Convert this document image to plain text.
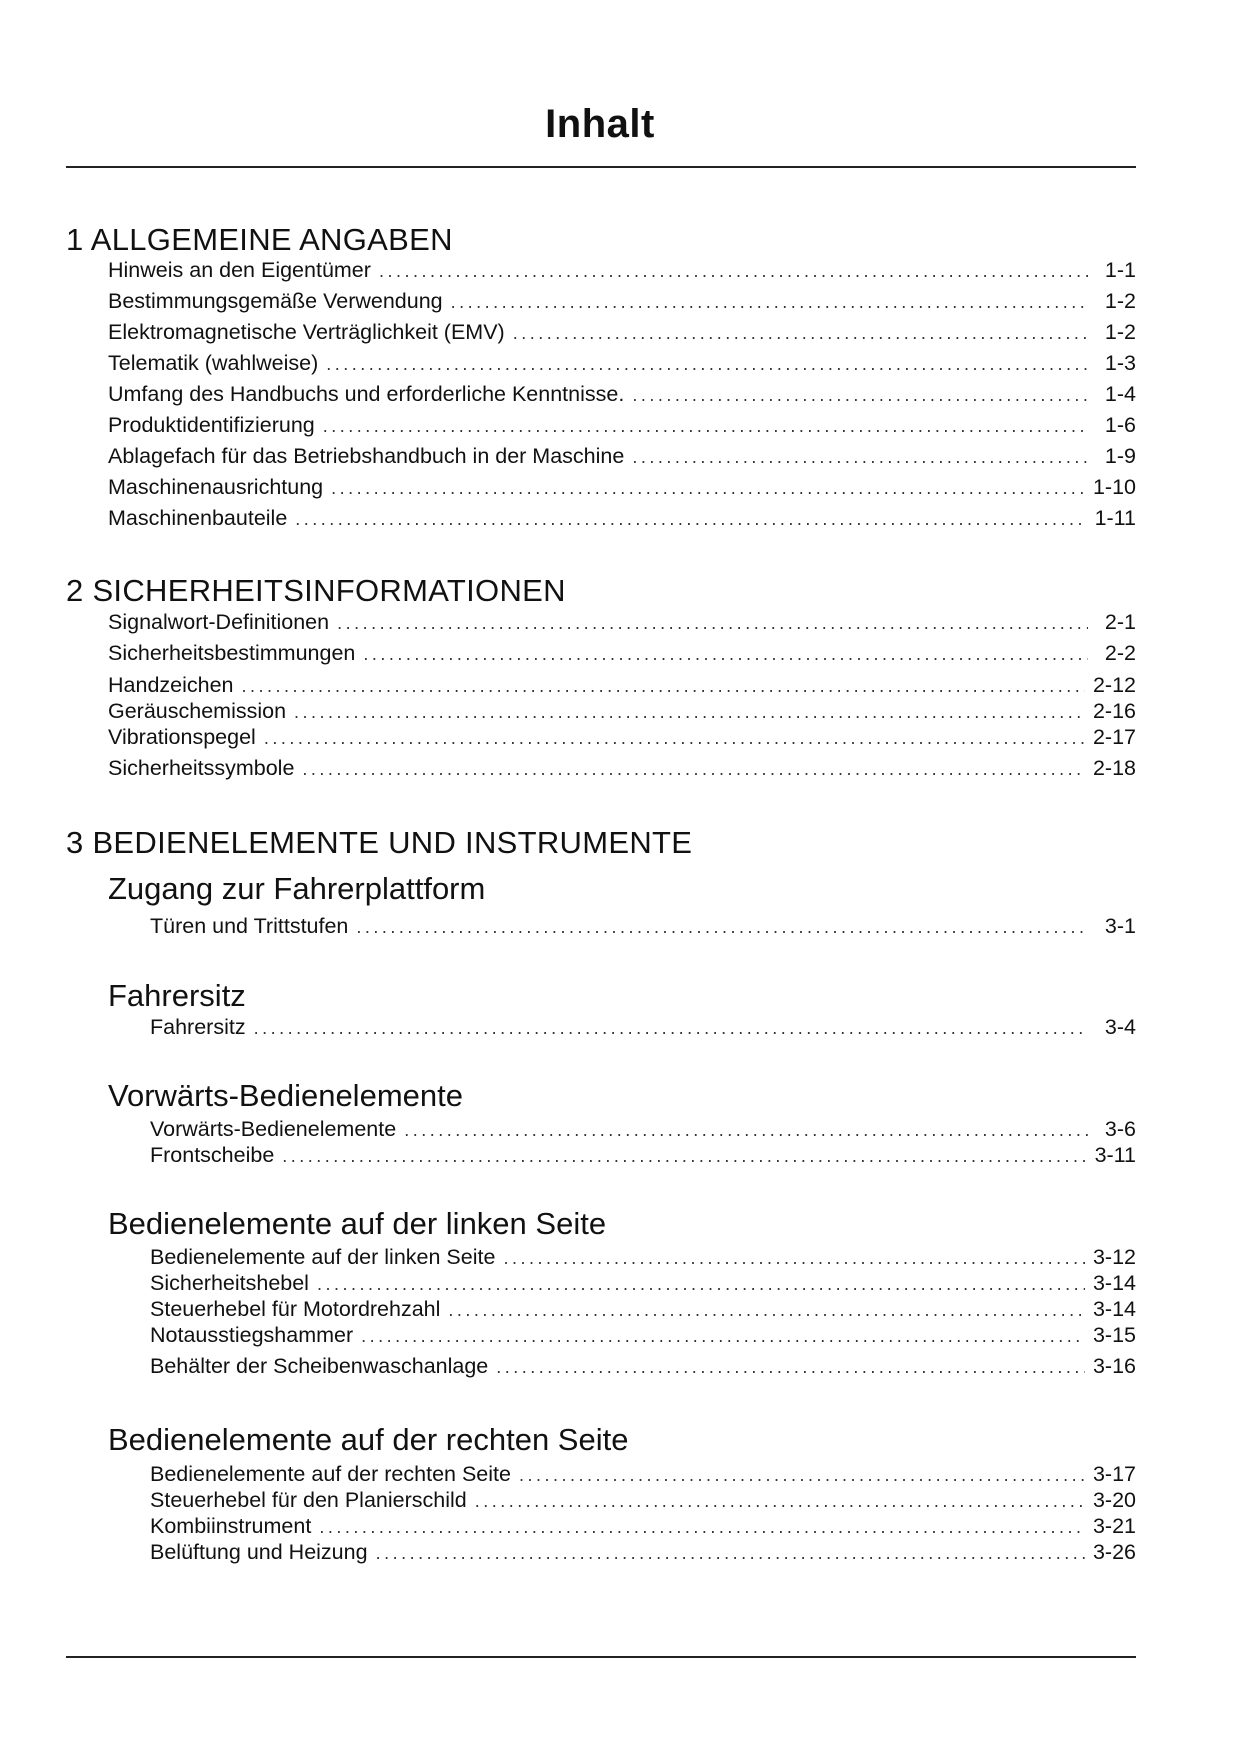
Inhalt
1 ALLGEMEINE ANGABEN
Hinweis an den Eigentümer . . .	1-1
Bestimmungsgemäße Verwendung . . .	1-2
Elektromagnetische Verträglichkeit (EMV) . . .	1-2
Telematik (wahlweise) . . .	1-3
Umfang des Handbuchs und erforderliche Kenntnisse. . . .	1-4
Produktidentifizierung . . .	1-6
Ablagefach für das Betriebshandbuch in der Maschine . . .	1-9
Maschinenausrichtung . . .	1-10
Maschinenbauteile . . .	1-11
2 SICHERHEITSINFORMATIONEN
Signalwort-Definitionen . . .	2-1
Sicherheitsbestimmungen . . .	2-2
Handzeichen . . .	2-12
Geräuschemission . . .	2-16
Vibrationspegel . . .	2-17
Sicherheitssymbole . . .	2-18
3 BEDIENELEMENTE UND INSTRUMENTE
Zugang zur Fahrerplattform
Türen und Trittstufen . . .	3-1
Fahrersitz
Fahrersitz . . .	3-4
Vorwärts-Bedienelemente
Vorwärts-Bedienelemente . . .	3-6
Frontscheibe . . .	3-11
Bedienelemente auf der linken Seite
Bedienelemente auf der linken Seite . . .	3-12
Sicherheitshebel . . .	3-14
Steuerhebel für Motordrehzahl . . .	3-14
Notausstiegshammer . . .	3-15
Behälter der Scheibenwaschanlage . . .	3-16
Bedienelemente auf der rechten Seite
Bedienelemente auf der rechten Seite . . .	3-17
Steuerhebel für den Planierschild . . .	3-20
Kombiinstrument . . .	3-21
Belüftung und Heizung . . .	3-26
